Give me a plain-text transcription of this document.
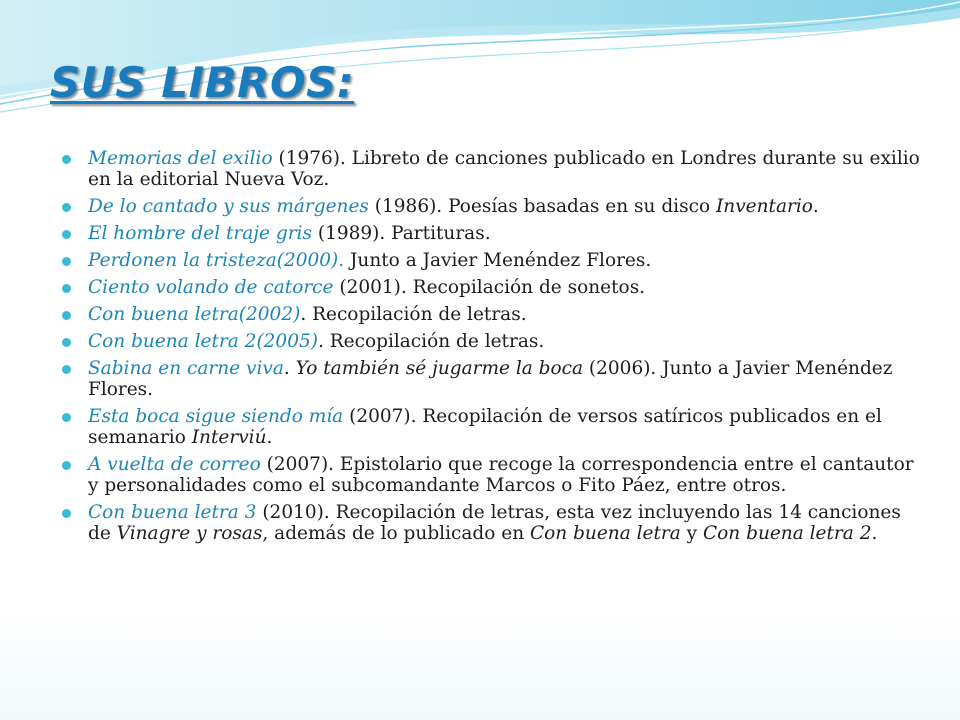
SUS LIBROS:
Memorias del exilio (1976). Libreto de canciones publicado en Londres durante su exilio en la editorial Nueva Voz.
De lo cantado y sus márgenes (1986). Poesías basadas en su disco Inventario.
El hombre del traje gris (1989). Partituras.
Perdonen la tristeza(2000). Junto a Javier Menéndez Flores.
Ciento volando de catorce (2001). Recopilación de sonetos.
Con buena letra(2002). Recopilación de letras.
Con buena letra 2(2005). Recopilación de letras.
Sabina en carne viva. Yo también sé jugarme la boca (2006). Junto a Javier Menéndez Flores.
Esta boca sigue siendo mía (2007). Recopilación de versos satíricos publicados en el semanario Interviú.
A vuelta de correo (2007). Epistolario que recoge la correspondencia entre el cantautor y personalidades como el subcomandante Marcos o Fito Páez, entre otros.
Con buena letra 3 (2010). Recopilación de letras, esta vez incluyendo las 14 canciones de Vinagre y rosas, además de lo publicado en Con buena letra y Con buena letra 2.
